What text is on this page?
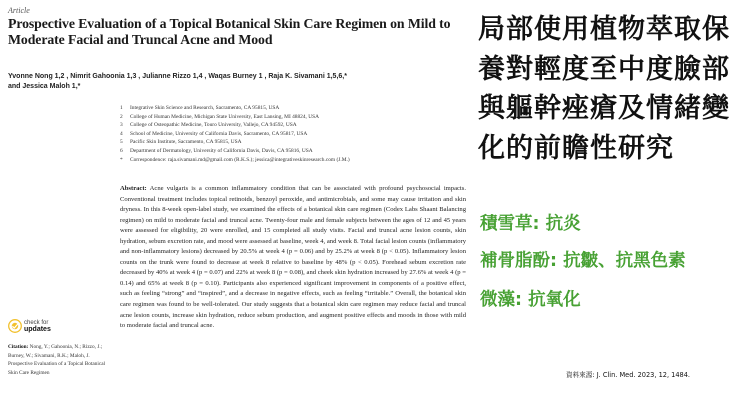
Article
Prospective Evaluation of a Topical Botanical Skin Care Regimen on Mild to Moderate Facial and Truncal Acne and Mood
Yvonne Nong 1,2 , Nimrit Gahoonia 1,3 , Julianne Rizzo 1,4 , Waqas Burney 1 , Raja K. Sivamani 1,5,6,*
and Jessica Maloh 1,*
1 Integrative Skin Science and Research, Sacramento, CA 95815, USA
2 College of Human Medicine, Michigan State University, East Lansing, MI 48824, USA
3 College of Osteopathic Medicine, Touro University, Vallejo, CA 94592, USA
4 School of Medicine, University of California Davis, Sacramento, CA 95817, USA
5 Pacific Skin Institute, Sacramento, CA 95815, USA
6 Department of Dermatology, University of California Davis, Davis, CA 95816, USA
* Correspondence: raja.sivamani.md@gmail.com (R.K.S.); jessica@integrativeskinresearch.com (J.M.)
Abstract: Acne vulgaris is a common inflammatory condition that can be associated with profound psychosocial impacts. Conventional treatment includes topical retinoids, benzoyl peroxide, and antimicrobials, and some may cause irritation and skin dryness. In this 8-week open-label study, we examined the effects of a botanical skin care regimen (Codex Labs Shaant Balancing regimen) on mild to moderate facial and truncal acne. Twenty-four male and female subjects between the ages of 12 and 45 years were assessed for eligibility, 20 were enrolled, and 15 completed all study visits. Facial and truncal acne lesion counts, skin hydration, sebum excretion rate, and mood were assessed at baseline, week 4, and week 8. Total facial lesion counts (inflammatory and non-inflammatory lesions) decreased by 20.5% at week 4 (p = 0.06) and by 25.2% at week 8 (p < 0.05). Inflammatory lesion counts on the trunk were found to decrease at week 8 relative to baseline by 48% (p < 0.05). Forehead sebum excretion rate decreased by 40% at week 4 (p = 0.07) and 22% at week 8 (p = 0.08), and cheek skin hydration increased by 27.6% at week 4 (p = 0.14) and 65% at week 8 (p = 0.10). Participants also experienced significant improvement in components of a positive effect, such as feeling “strong” and “inspired”, and a decrease in negative effects, such as feeling “irritable.” Overall, the botanical skin care regimen was found to be well-tolerated. Our study suggests that a botanical skin care regimen may reduce facial and truncal acne lesion counts, increase skin hydration, reduce sebum production, and augment positive effects and moods in those with mild to moderate facial and truncal acne.
check for
updates
Citation: Nong, Y.; Gahoonia, N.; Rizzo, J.; Burney, W.; Sivamani, R.K.; Maloh, J. Prospective Evaluation of a Topical Botanical Skin Care Regimen
局部使用植物萃取保
養對輕度至中度臉部
與軀幹痤瘡及情緒變
化的前瞻性研究
積雪草: 抗炎
補骨脂酚: 抗皺、抗黑色素
微藻: 抗氧化
資料來源: J. Clin. Med. 2023, 12, 1484.
